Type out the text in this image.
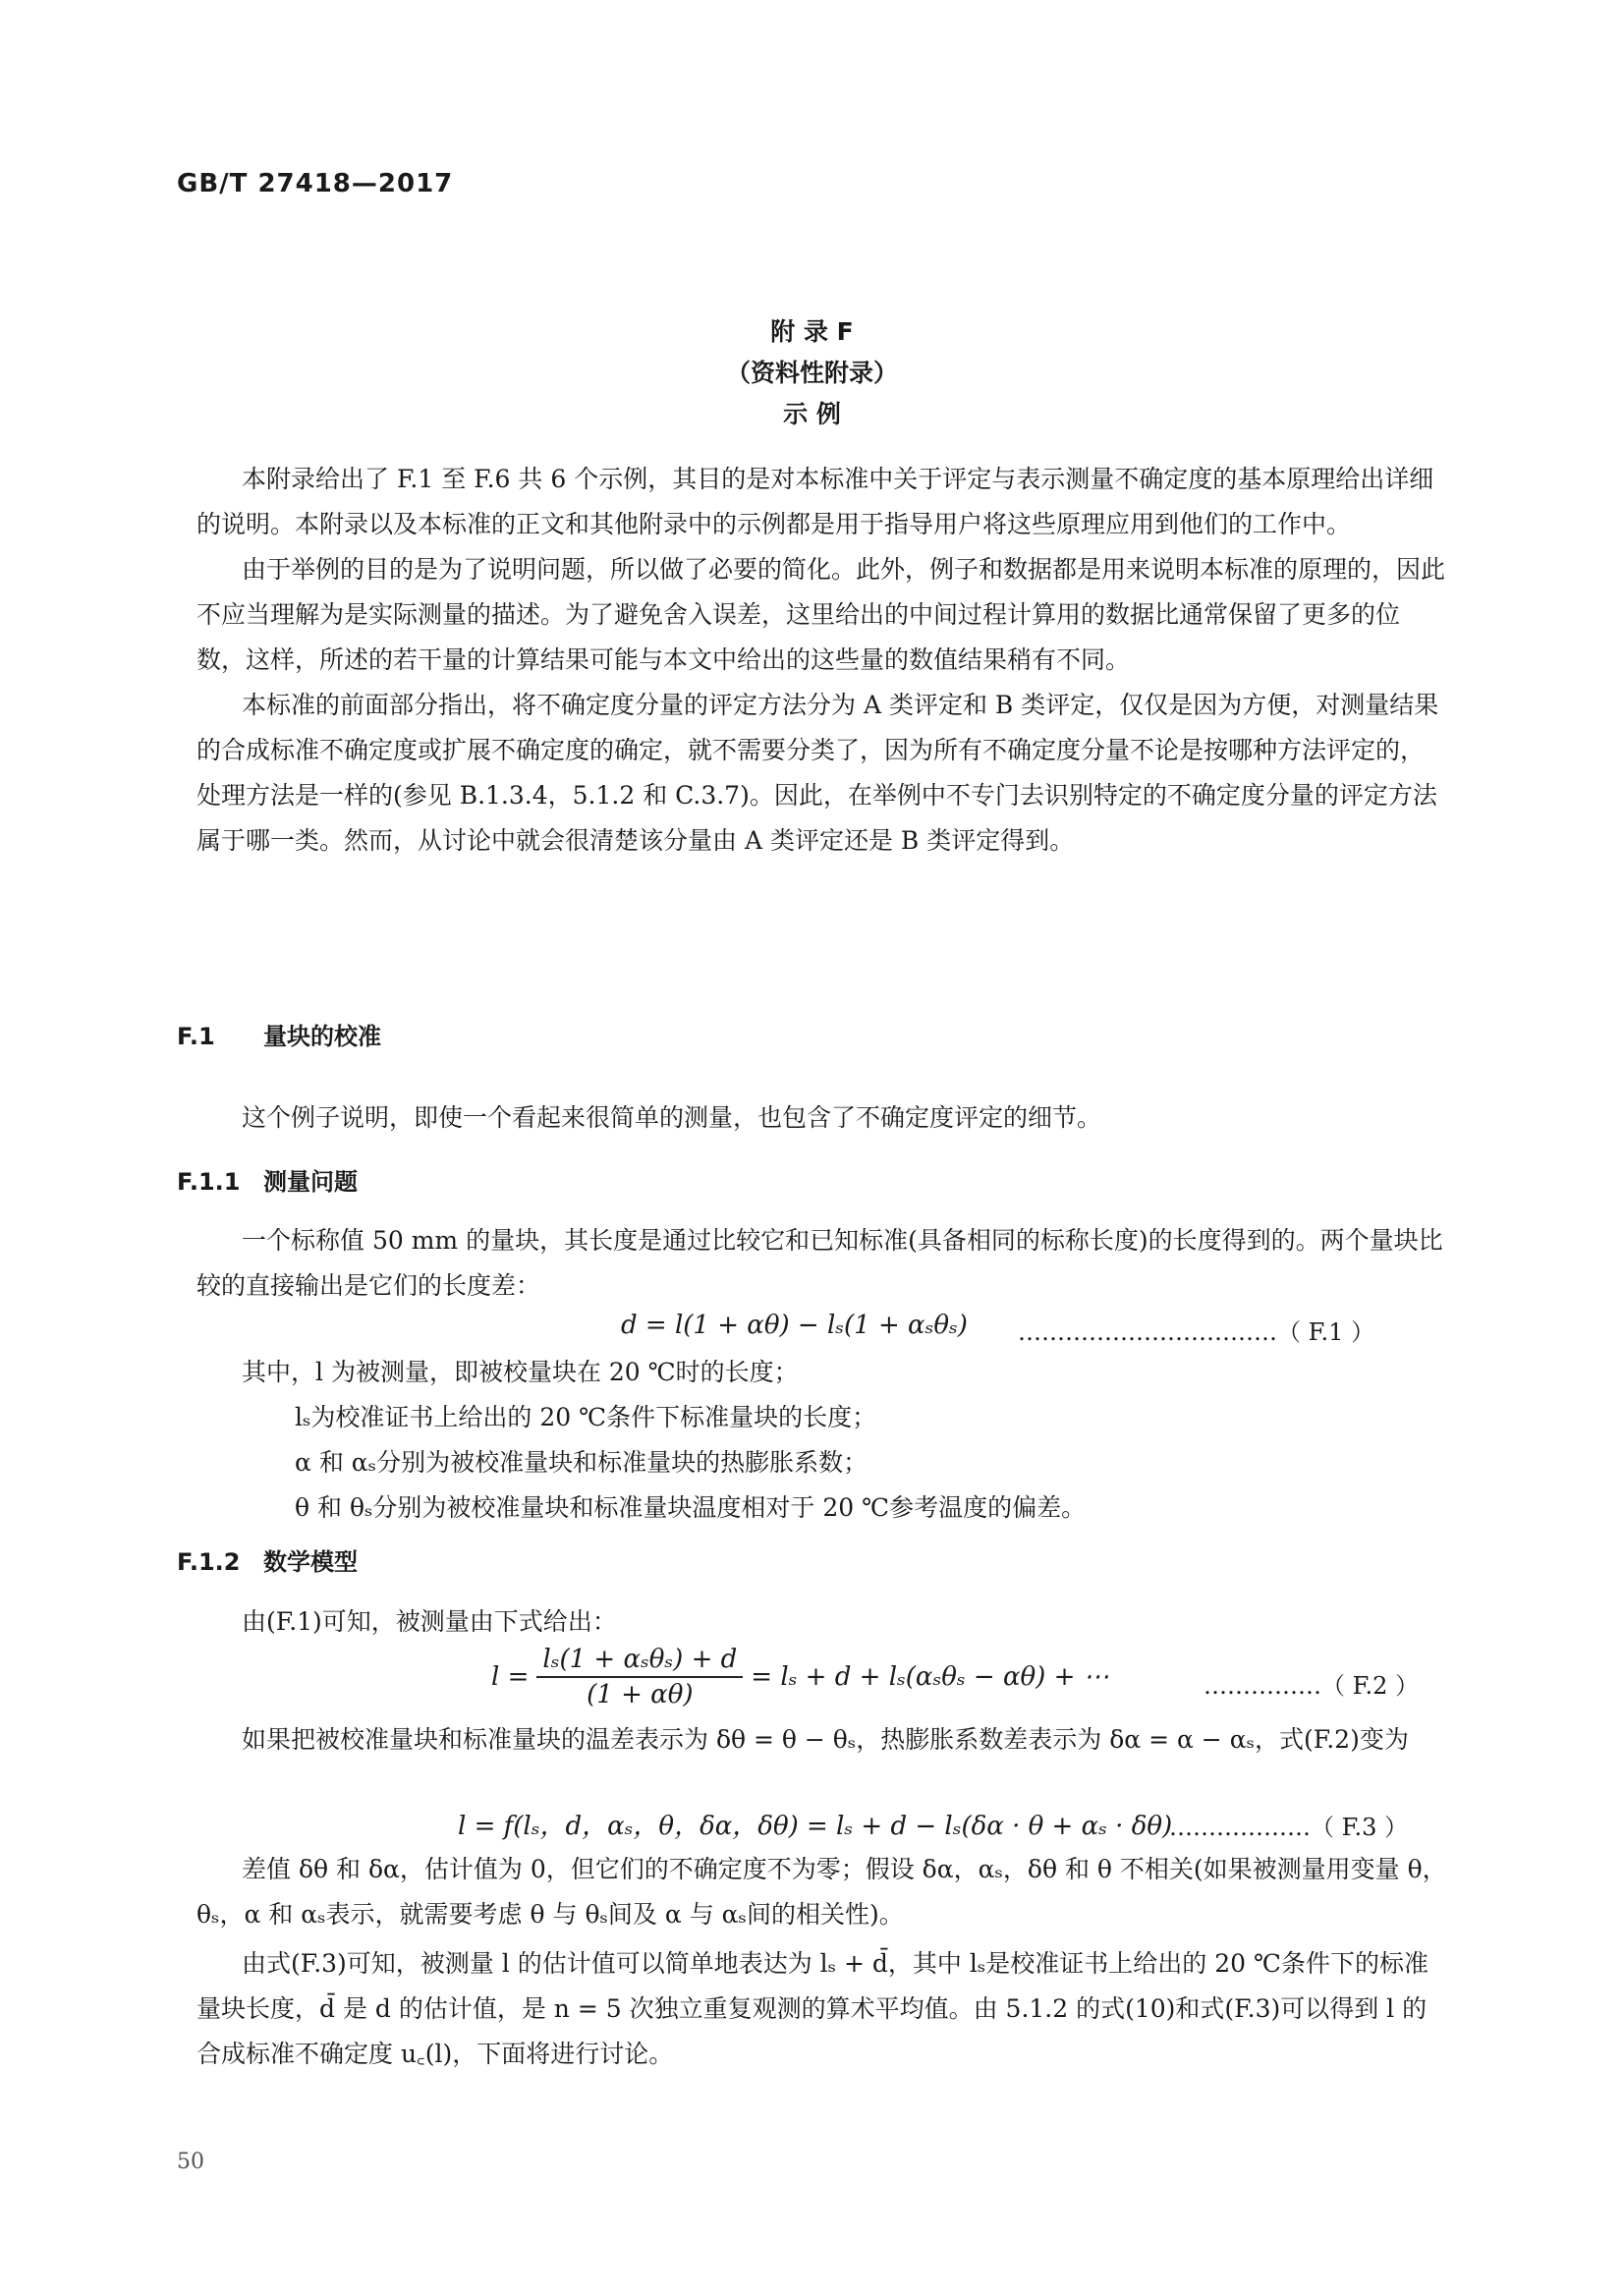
GB/T 27418—2017
附 录 F
（资料性附录）
示 例
本附录给出了 F.1 至 F.6 共 6 个示例，其目的是对本标准中关于评定与表示测量不确定度的基本原理给出详细的说明。本附录以及本标准的正文和其他附录中的示例都是用于指导用户将这些原理应用到他们的工作中。
由于举例的目的是为了说明问题，所以做了必要的简化。此外，例子和数据都是用来说明本标准的原理的，因此不应当理解为是实际测量的描述。为了避免舍入误差，这里给出的中间过程计算用的数据比通常保留了更多的位数，这样，所述的若干量的计算结果可能与本文中给出的这些量的数值结果稍有不同。
本标准的前面部分指出，将不确定度分量的评定方法分为 A 类评定和 B 类评定，仅仅是因为方便，对测量结果的合成标准不确定度或扩展不确定度的确定，就不需要分类了，因为所有不确定度分量不论是按哪种方法评定的，处理方法是一样的(参见 B.1.3.4，5.1.2 和 C.3.7)。因此，在举例中不专门去识别特定的不确定度分量的评定方法属于哪一类。然而，从讨论中就会很清楚该分量由 A 类评定还是 B 类评定得到。
F.1 量块的校准
这个例子说明，即使一个看起来很简单的测量，也包含了不确定度评定的细节。
F.1.1 测量问题
一个标称值 50 mm 的量块，其长度是通过比较它和已知标准(具备相同的标称长度)的长度得到的。两个量块比较的直接输出是它们的长度差：
d = l(1 + αθ) − lₛ(1 + αₛθₛ) ……………………………（ F.1 ）
其中，l 为被测量，即被校量块在 20 ℃时的长度；
lₛ为校准证书上给出的 20 ℃条件下标准量块的长度；
α 和 αₛ分别为被校准量块和标准量块的热膨胀系数；
θ 和 θₛ分别为被校准量块和标准量块温度相对于 20 ℃参考温度的偏差。
F.1.2 数学模型
由(F.1)可知，被测量由下式给出：
$l = \frac{\text{lₛ(1 + αₛθₛ) + d}}{(1 + \alpha\theta)} = l_s + d + l_s(\alpha_s\theta_s - \alpha\theta)$ + ⋯	……………（ F.2 ）
如果把被校准量块和标准量块的温差表示为 δθ = θ − θₛ，热膨胀系数差表示为 δα = α − αₛ，式(F.2)变为
l = f(lₛ，d，αₛ，θ，δα，δθ) = lₛ + d − lₛ(δα · θ + αₛ · δθ)
………………（ F.3 ）
差值 δθ 和 δα，估计值为 0，但它们的不确定度不为零；假设 δα，αₛ，δθ 和 θ 不相关(如果被测量用变量 θ，θₛ，α 和 αₛ表示，就需要考虑 θ 与 θₛ间及 α 与 αₛ间的相关性)。
由式(F.3)可知，被测量 l 的估计值可以简单地表达为 lₛ + d̄，其中 lₛ是校准证书上给出的 20 ℃条件下的标准量块长度，d̄ 是 d 的估计值，是 n = 5 次独立重复观测的算术平均值。由 5.1.2 的式(10)和式(F.3)可以得到 l 的合成标准不确定度 u꜀(l)，下面将进行讨论。
50
